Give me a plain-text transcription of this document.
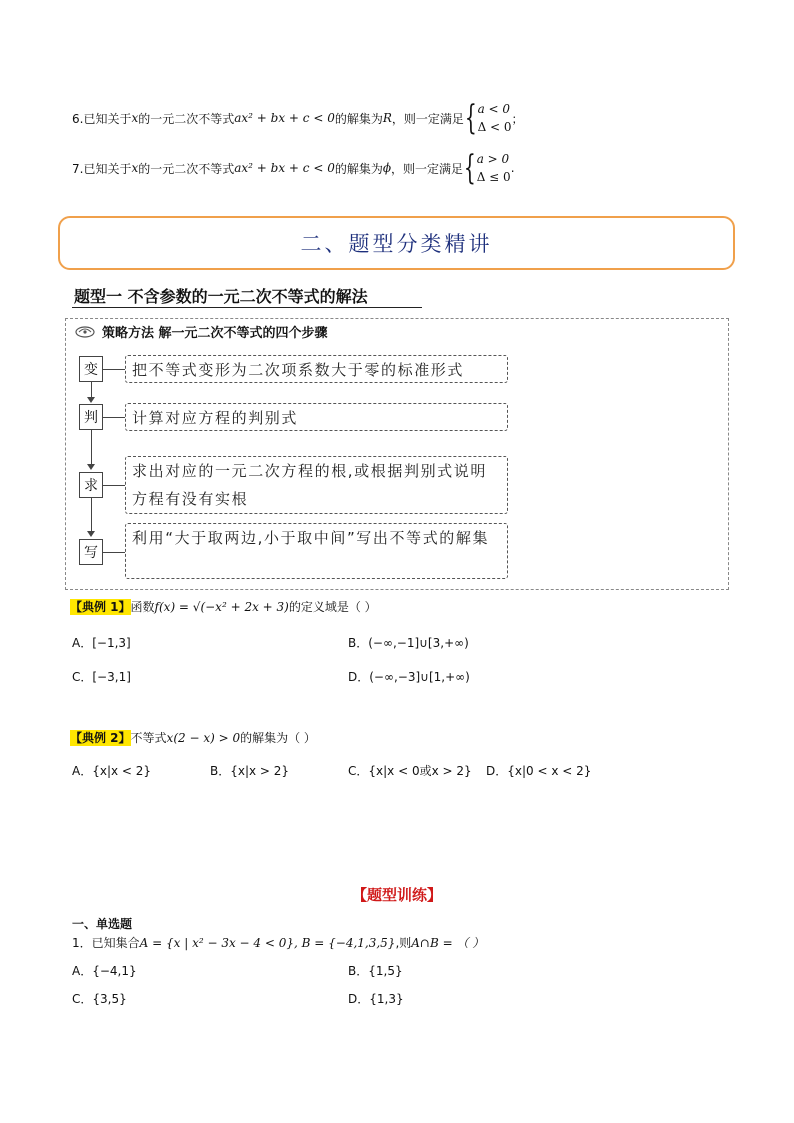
6.已知关于 x 的一元二次不等式 ax² + bx + c < 0 的解集为 R ，则一定满足 { a < 0
Δ < 0
；
7.已知关于 x 的一元二次不等式 ax² + bx + c < 0 的解集为 ϕ ，则一定满足 { a > 0
Δ ≤ 0
.
二、题型分类精讲
题型一 不含参数的一元二次不等式的解法
策略方法 解一元二次不等式的四个步骤
变	把不等式变形为二次项系数大于零的标准形式
判	计算对应方程的判别式
求
求出对应的一元二次方程的根,或根据判别式说明方程有没有实根
写
利用“大于取两边,小于取中间”写出不等式的解集
【典例 1】函数f(x) = √(−x² + 2x + 3)的定义域是（ ）
A．[−1,3]	B．(−∞,−1]∪[3,+∞)
C．[−3,1]	D．(−∞,−3]∪[1,+∞)
【典例 2】不等式x(2 − x) > 0的解集为（ ）
A．{x|x < 2}	B．{x|x > 2}	C．{x|x < 0或x > 2} D．{x|0 < x < 2}
【题型训练】
一、单选题
1．已知集合A = {x | x² − 3x − 4 < 0}, B = {−4,1,3,5},则A∩B = （ ）
A．{−4,1}	B．{1,5}
C．{3,5}	D．{1,3}
